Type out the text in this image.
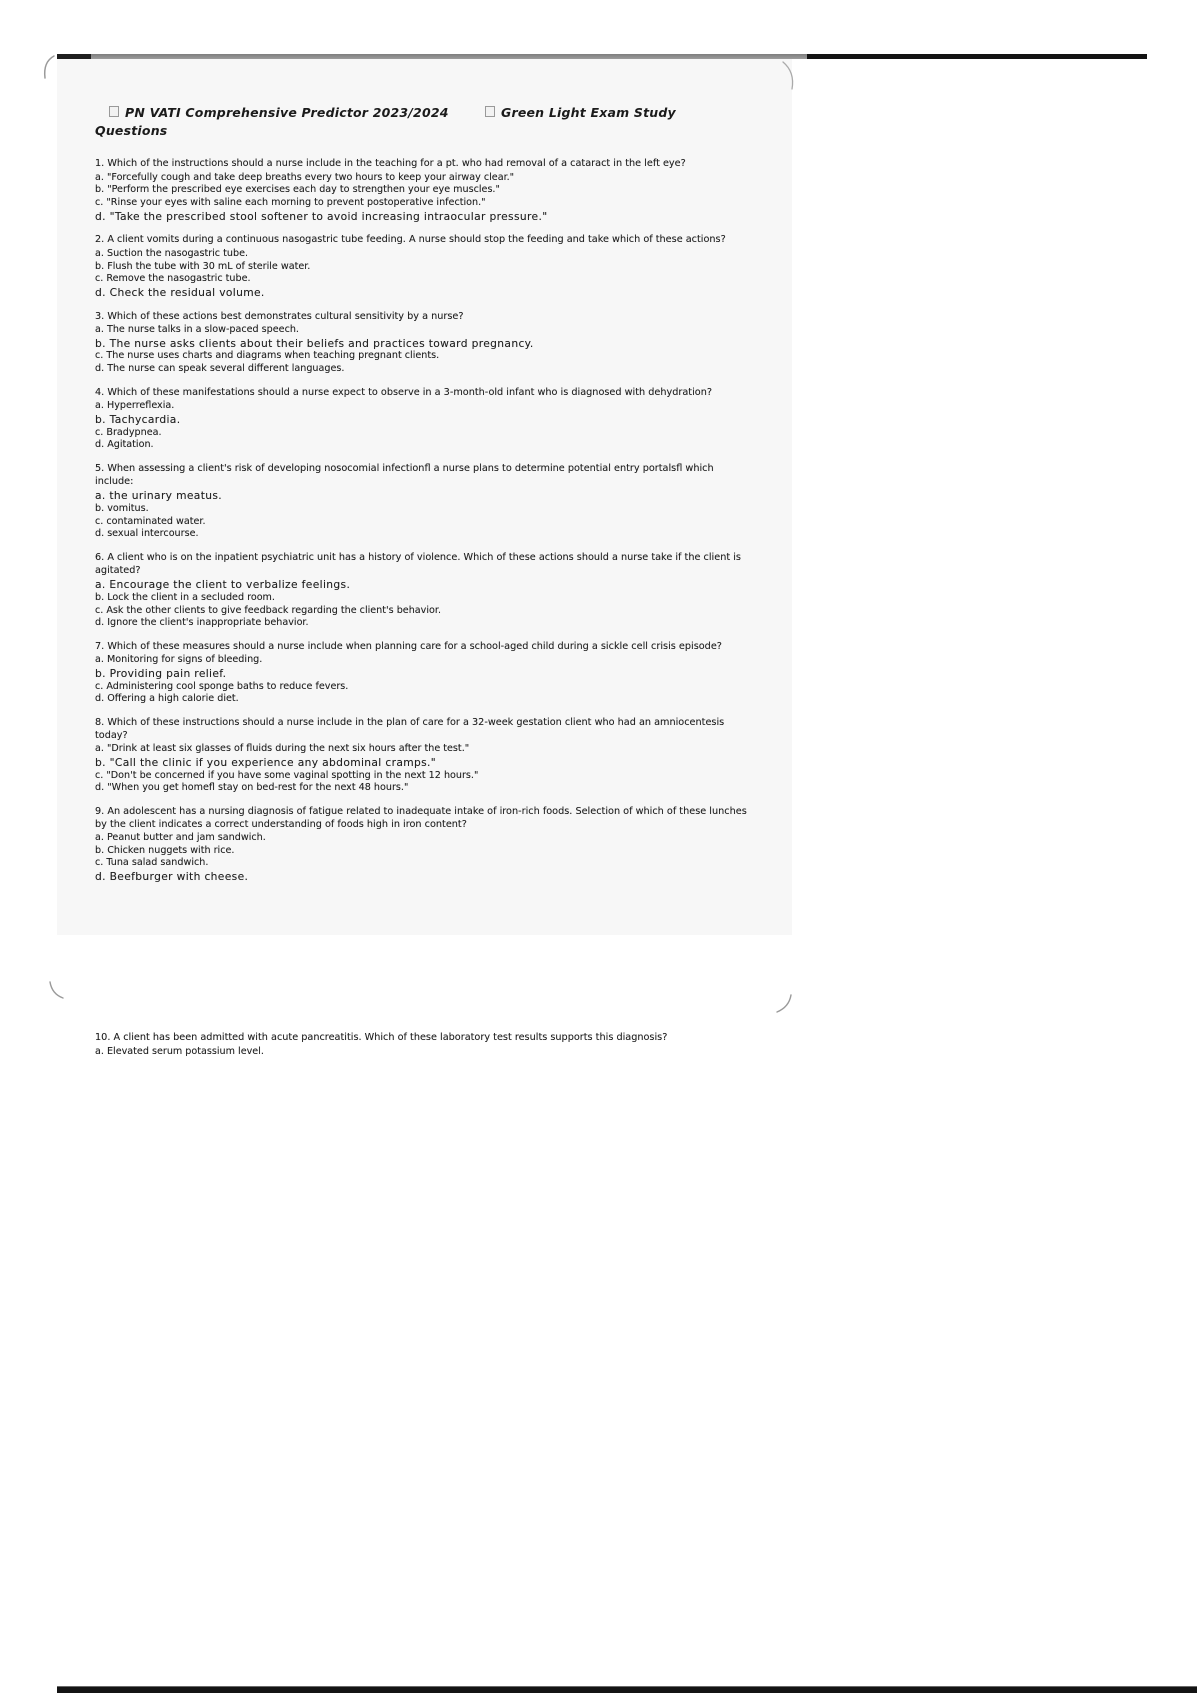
PN VATI Comprehensive Predictor 2023/2024 Questions
Green Light Exam Study
1. Which of the instructions should a nurse include in the teaching for a pt. who had removal of a cataract in the left eye?
a. "Forcefully cough and take deep breaths every two hours to keep your airway clear."
b. "Perform the prescribed eye exercises each day to strengthen your eye muscles."
c. "Rinse your eyes with saline each morning to prevent postoperative infection."
d. "Take the prescribed stool softener to avoid increasing intraocular pressure."
2. A client vomits during a continuous nasogastric tube feeding. A nurse should stop the feeding and take which of these actions?
a. Suction the nasogastric tube.
b. Flush the tube with 30 mL of sterile water.
c. Remove the nasogastric tube.
d. Check the residual volume.
3. Which of these actions best demonstrates cultural sensitivity by a nurse?
a. The nurse talks in a slow-paced speech.
b. The nurse asks clients about their beliefs and practices toward pregnancy.
c. The nurse uses charts and diagrams when teaching pregnant clients.
d. The nurse can speak several different languages.
4. Which of these manifestations should a nurse expect to observe in a 3-month-old infant who is diagnosed with dehydration?
a. Hyperreflexia.
b. Tachycardia.
c. Bradypnea.
d. Agitation.
5. When assessing a client's risk of developing nosocomial infectionﬂ a nurse plans to determine potential entry portalsﬂ which include:
a. the urinary meatus.
b. vomitus.
c. contaminated water.
d. sexual intercourse.
6. A client who is on the inpatient psychiatric unit has a history of violence. Which of these actions should a nurse take if the client is agitated?
a. Encourage the client to verbalize feelings.
b. Lock the client in a secluded room.
c. Ask the other clients to give feedback regarding the client's behavior.
d. Ignore the client's inappropriate behavior.
7. Which of these measures should a nurse include when planning care for a school-aged child during a sickle cell crisis episode?
a. Monitoring for signs of bleeding.
b. Providing pain relief.
c. Administering cool sponge baths to reduce fevers.
d. Offering a high calorie diet.
8. Which of these instructions should a nurse include in the plan of care for a 32-week gestation client who had an amniocentesis today?
a. "Drink at least six glasses of fluids during the next six hours after the test."
b. "Call the clinic if you experience any abdominal cramps."
c. "Don't be concerned if you have some vaginal spotting in the next 12 hours."
d. "When you get homeﬂ stay on bed-rest for the next 48 hours."
9. An adolescent has a nursing diagnosis of fatigue related to inadequate intake of iron-rich foods. Selection of which of these lunches by the client indicates a correct understanding of foods high in iron content?
a. Peanut butter and jam sandwich.
b. Chicken nuggets with rice.
c. Tuna salad sandwich.
d. Beefburger with cheese.
10. A client has been admitted with acute pancreatitis. Which of these laboratory test results supports this diagnosis?
a. Elevated serum potassium level.
